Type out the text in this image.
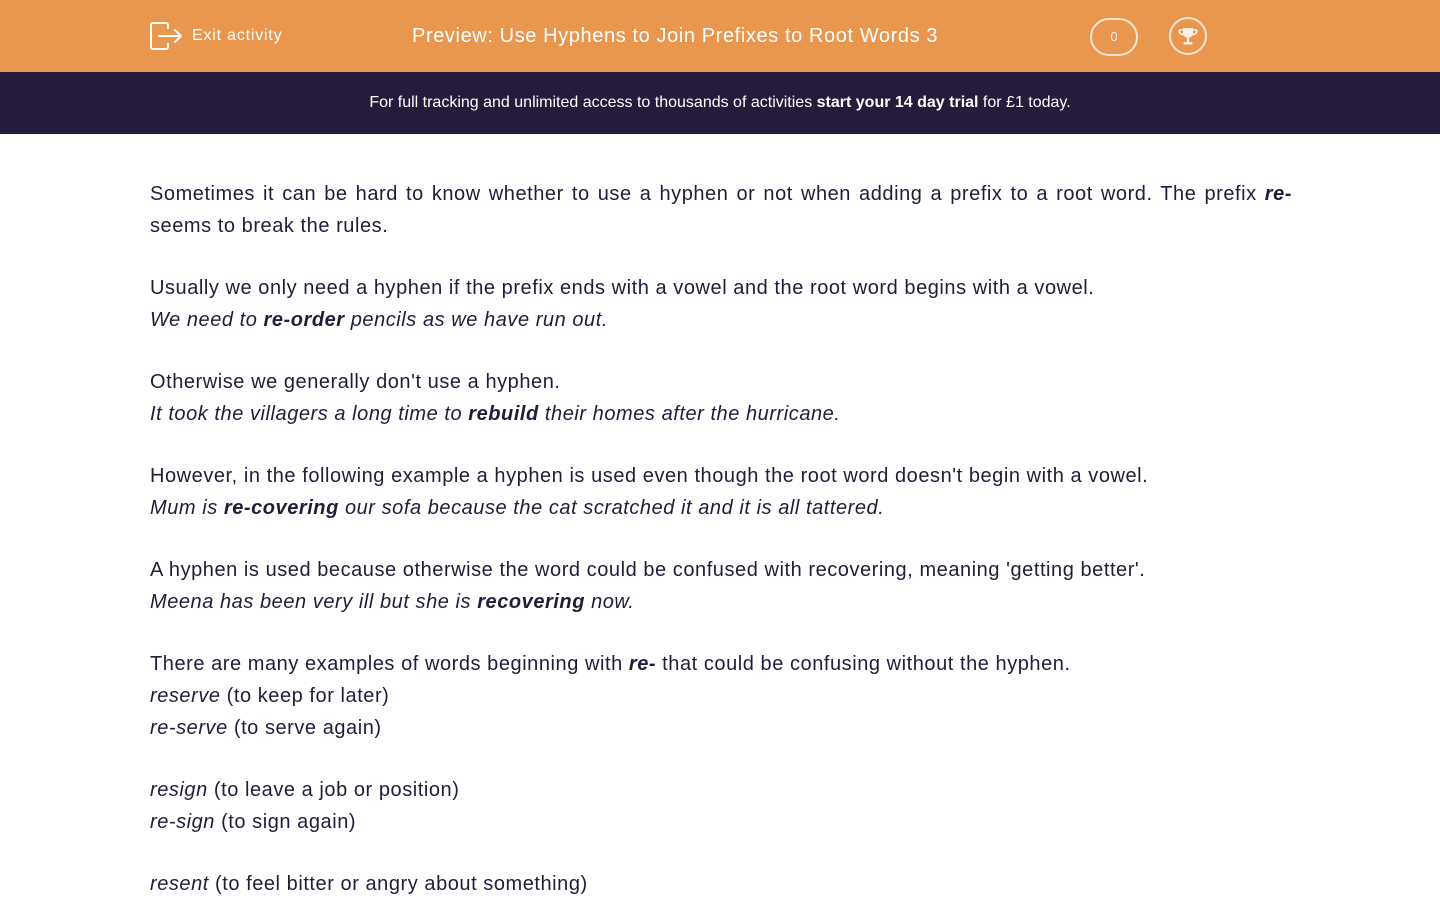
Exit activity	Preview: Use Hyphens to Join Prefixes to Root Words 3	0
For full tracking and unlimited access to thousands of activities start your 14 day trial for £1 today.

Sometimes it can be hard to know whether to use a hyphen or not when adding a prefix to a root word. The prefix re- seems to break the rules.

Usually we only need a hyphen if the prefix ends with a vowel and the root word begins with a vowel.

We need to re-order pencils as we have run out.

Otherwise we generally don't use a hyphen.

It took the villagers a long time to rebuild their homes after the hurricane.

However, in the following example a hyphen is used even though the root word doesn't begin with a vowel.

Mum is re-covering our sofa because the cat scratched it and it is all tattered.

A hyphen is used because otherwise the word could be confused with recovering, meaning 'getting better'.

Meena has been very ill but she is recovering now.

There are many examples of words beginning with re- that could be confusing without the hyphen.

reserve (to keep for later)

re-serve (to serve again)

resign (to leave a job or position)

re-sign (to sign again)

resent (to feel bitter or angry about something)
